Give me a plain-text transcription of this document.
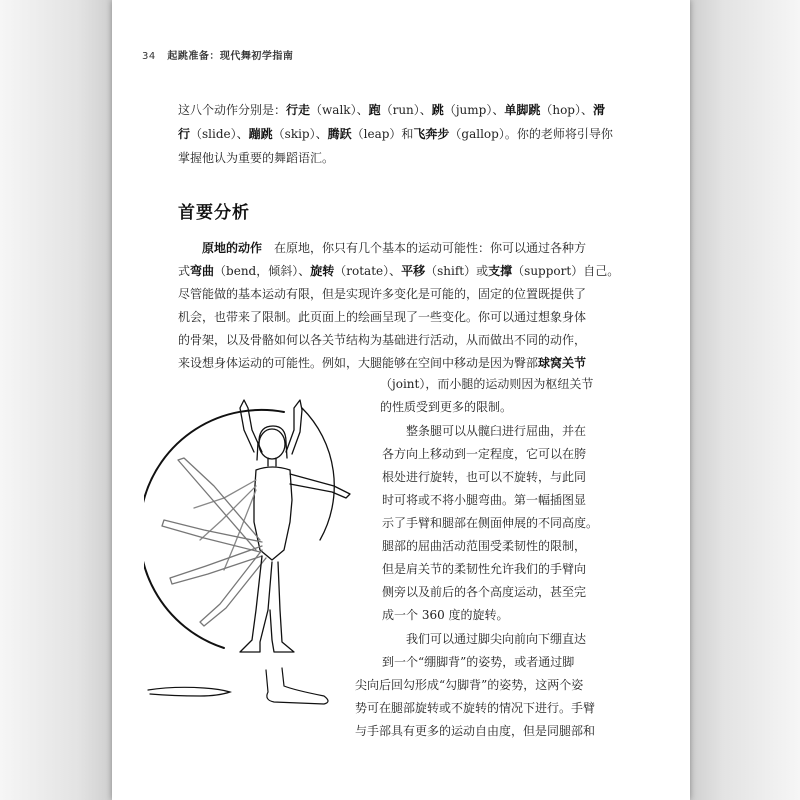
34 起跳准备：现代舞初学指南
这八个动作分别是：行走（walk）、跑（run）、跳（jump）、单脚跳（hop）、滑
行（slide）、蹦跳（skip）、腾跃（leap）和飞奔步（gallop）。你的老师将引导你
掌握他认为重要的舞蹈语汇。
首要分析
原地的动作　在原地，你只有几个基本的运动可能性：你可以通过各种方
式弯曲（bend，倾斜）、旋转（rotate）、平移（shift）或支撑（support）自己。
尽管能做的基本运动有限，但是实现许多变化是可能的，固定的位置既提供了
机会，也带来了限制。此页面上的绘画呈现了一些变化。你可以通过想象身体
的骨架，以及骨骼如何以各关节结构为基础进行活动，从而做出不同的动作，
来设想身体运动的可能性。例如，大腿能够在空间中移动是因为臀部球窝关节
（joint），而小腿的运动则因为枢纽关节
的性质受到更多的限制。
整条腿可以从髋臼进行屈曲，并在
各方向上移动到一定程度，它可以在胯
根处进行旋转，也可以不旋转，与此同
时可将或不将小腿弯曲。第一幅插图显
示了手臂和腿部在侧面伸展的不同高度。
腿部的屈曲活动范围受柔韧性的限制，
但是肩关节的柔韧性允许我们的手臂向
侧旁以及前后的各个高度运动，甚至完
成一个 360 度的旋转。
我们可以通过脚尖向前向下绷直达
到一个“绷脚背”的姿势，或者通过脚
尖向后回勾形成“勾脚背”的姿势，这两个姿
势可在腿部旋转或不旋转的情况下进行。手臂
与手部具有更多的运动自由度，但是同腿部和
